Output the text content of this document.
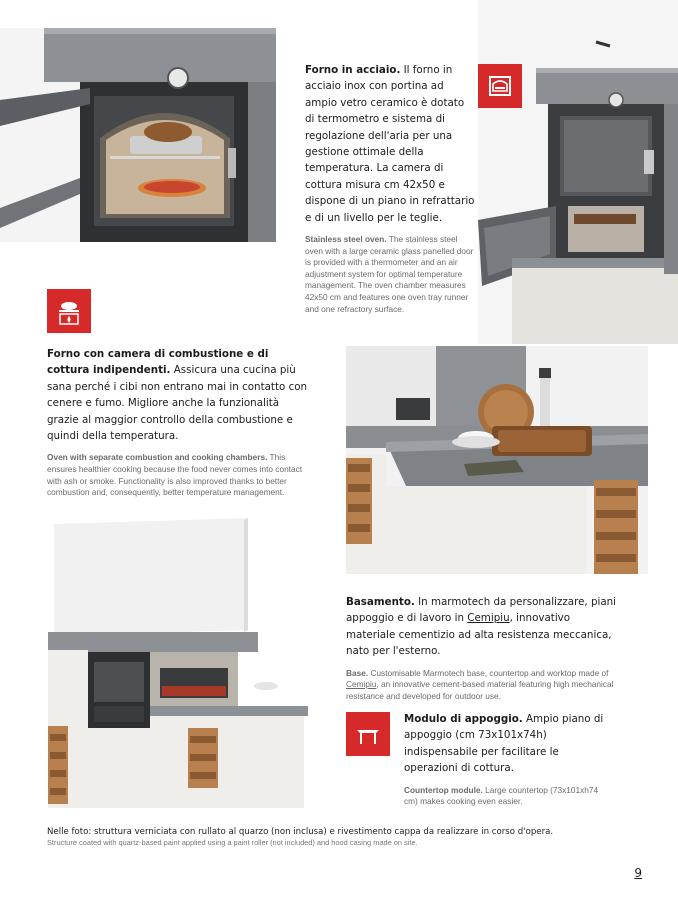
Forno in acciaio. Il forno in acciaio inox con portina ad ampio vetro ceramico è dotato di termometro e sistema di regolazione dell'aria per una gestione ottimale della temperatura. La camera di cottura misura cm 42x50 e dispone di un piano in refrattario e di un livello per le teglie.

Stainless steel oven. The stainless steel oven with a large ceramic glass panelled door is provided with a thermometer and an air adjustment system for optimal temperature management. The oven chamber measures 42x50 cm and features one oven tray runner and one refractory surface.

Forno con camera di combustione e di cottura indipendenti. Assicura una cucina più sana perché i cibi non entrano mai in contatto con cenere e fumo. Migliore anche la funzionalità grazie al maggior controllo della combustione e quindi della temperatura.

Oven with separate combustion and cooking chambers. This ensures healthier cooking because the food never comes into contact with ash or smoke. Functionality is also improved thanks to better combustion and, consequently, better temperature management.

Basamento. In marmotech da personalizzare, piani appoggio e di lavoro in Cemipiu, innovativo materiale cementizio ad alta resistenza meccanica, nato per l'esterno.

Base. Customisable Marmotech base, countertop and worktop made of Cemipiu, an innovative cement-based material featuring high mechanical resistance and developed for outdoor use.

Modulo di appoggio. Ampio piano di appoggio (cm 73x101x74h) indispensabile per facilitare le operazioni di cottura.

Countertop module. Large countertop (73x101xh74 cm) makes cooking even easier.

Nelle foto: struttura verniciata con rullato al quarzo (non inclusa) e rivestimento cappa da realizzare in corso d'opera.

Structure coated with quartz-based paint applied using a paint roller (not included) and hood casing made on site.

9
